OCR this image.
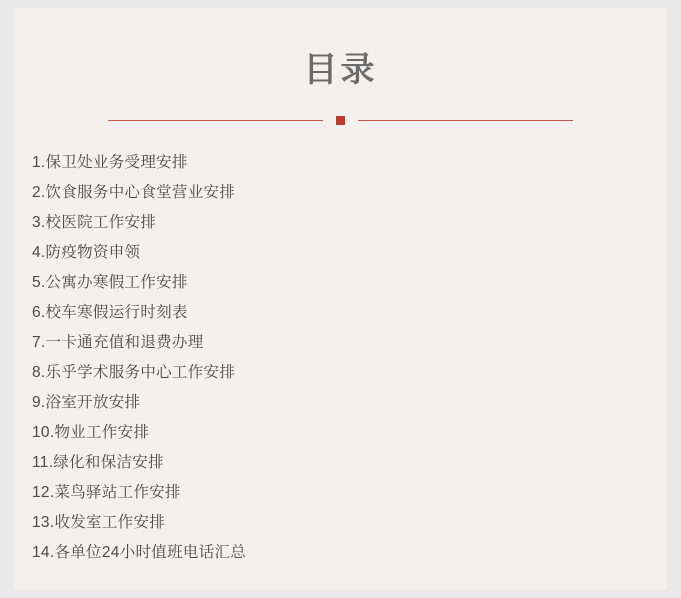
目录
1.保卫处业务受理安排
2.饮食服务中心食堂营业安排
3.校医院工作安排
4.防疫物资申领
5.公寓办寒假工作安排
6.校车寒假运行时刻表
7.一卡通充值和退费办理
8.乐乎学术服务中心工作安排
9.浴室开放安排
10.物业工作安排
11.绿化和保洁安排
12.菜鸟驿站工作安排
13.收发室工作安排
14.各单位24小时值班电话汇总
